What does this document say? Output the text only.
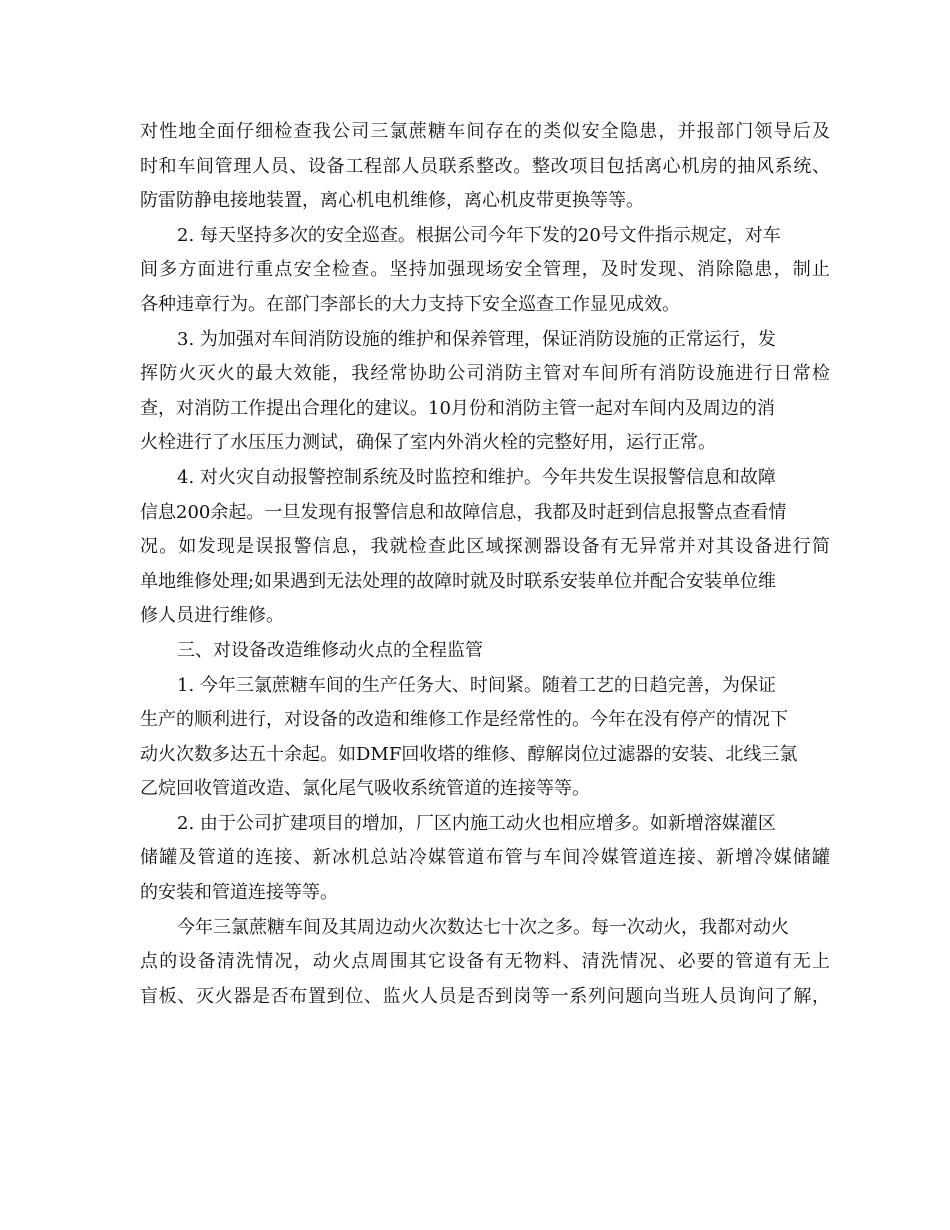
对性地全面仔细检查我公司三氯蔗糖车间存在的类似安全隐患，并报部门领导后及
时和车间管理人员、设备工程部人员联系整改。整改项目包括离心机房的抽风系统、
防雷防静电接地装置，离心机电机维修，离心机皮带更换等等。
2. 每天坚持多次的安全巡查。根据公司今年下发的20号文件指示规定，对车
间多方面进行重点安全检查。坚持加强现场安全管理，及时发现、消除隐患，制止
各种违章行为。在部门李部长的大力支持下安全巡查工作显见成效。
3. 为加强对车间消防设施的维护和保养管理，保证消防设施的正常运行，发
挥防火灭火的最大效能，我经常协助公司消防主管对车间所有消防设施进行日常检
查，对消防工作提出合理化的建议。10月份和消防主管一起对车间内及周边的消
火栓进行了水压压力测试，确保了室内外消火栓的完整好用，运行正常。
4. 对火灾自动报警控制系统及时监控和维护。今年共发生误报警信息和故障
信息200余起。一旦发现有报警信息和故障信息，我都及时赶到信息报警点查看情
况。如发现是误报警信息，我就检查此区域探测器设备有无异常并对其设备进行简
单地维修处理;如果遇到无法处理的故障时就及时联系安装单位并配合安装单位维
修人员进行维修。
三、对设备改造维修动火点的全程监管
1. 今年三氯蔗糖车间的生产任务大、时间紧。随着工艺的日趋完善，为保证
生产的顺利进行，对设备的改造和维修工作是经常性的。今年在没有停产的情况下
动火次数多达五十余起。如DMF回收塔的维修、醇解岗位过滤器的安装、北线三氯
乙烷回收管道改造、氯化尾气吸收系统管道的连接等等。
2. 由于公司扩建项目的增加，厂区内施工动火也相应增多。如新增溶媒灌区
储罐及管道的连接、新冰机总站冷媒管道布管与车间冷媒管道连接、新增冷媒储罐
的安装和管道连接等等。
今年三氯蔗糖车间及其周边动火次数达七十次之多。每一次动火，我都对动火
点的设备清洗情况，动火点周围其它设备有无物料、清洗情况、必要的管道有无上
盲板、灭火器是否布置到位、监火人员是否到岗等一系列问题向当班人员询问了解，
